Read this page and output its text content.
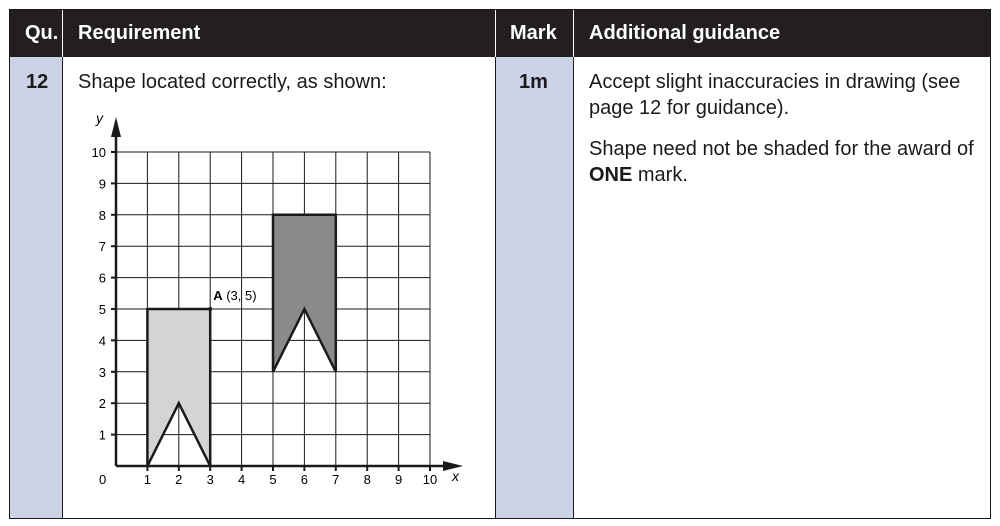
Qu. Requirement	Mark Additional guidance
12 Shape located correctly, as shown:	1m Accept slight inaccuracies in drawing (see page 12 for guidance).
Shape need not be shaded for the award of ONE mark.
1 2 3 4 5 6 7 8 9 10
1
2
3
4
5
6
7
8
9
10
x
y
0
A (3, 5)
